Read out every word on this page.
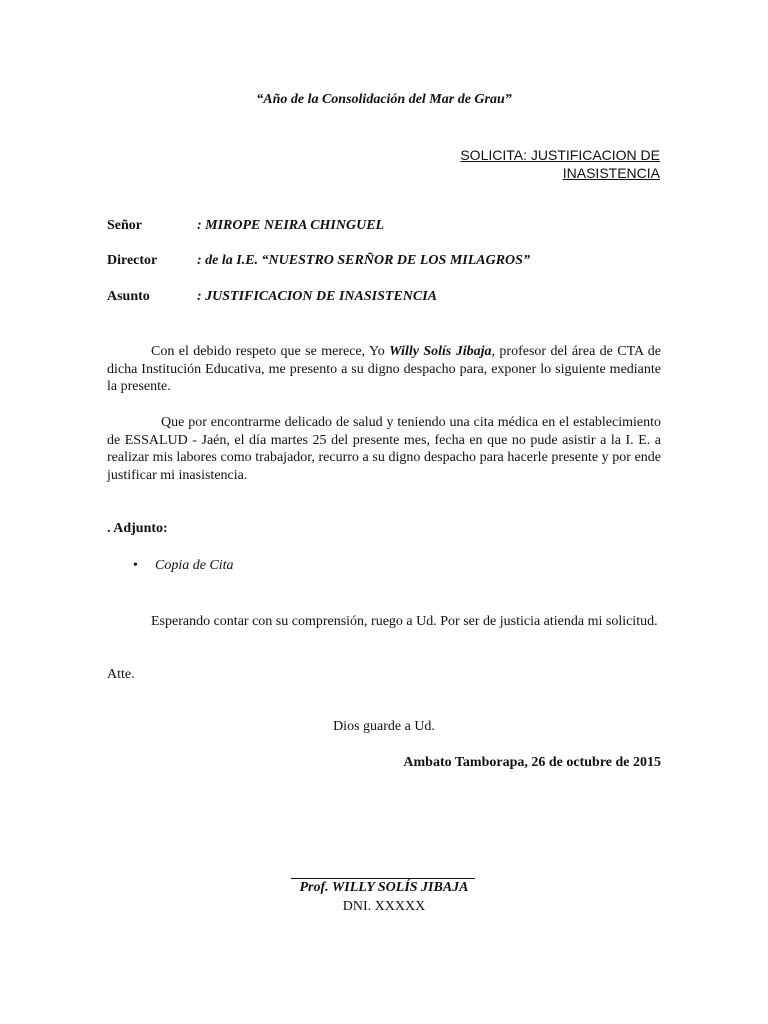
“Año de la Consolidación del Mar de Grau”
SOLICITA: JUSTIFICACION DE
INASISTENCIA
Señor	: MIROPE NEIRA CHINGUEL
Director	: de la I.E. “NUESTRO SERÑOR DE LOS MILAGROS”
Asunto	: JUSTIFICACION DE INASISTENCIA
Con el debido respeto que se merece, Yo Willy Solís Jibaja, profesor del área de CTA de dicha Institución Educativa, me presento a su digno despacho para, exponer lo siguiente mediante la presente.
Que por encontrarme delicado de salud y teniendo una cita médica en el establecimiento de ESSALUD - Jaén, el día martes 25 del presente mes, fecha en que no pude asistir a la I. E. a realizar mis labores como trabajador, recurro a su digno despacho para hacerle presente y por ende justificar mi inasistencia.
. Adjunto:
• Copia de Cita
Esperando contar con su comprensión, ruego a Ud. Por ser de justicia atienda mi solicitud.
Atte.
Dios guarde a Ud.
Ambato Tamborapa, 26 de octubre de 2015
Prof. WILLY SOLÍS JIBAJA
DNI. XXXXX
